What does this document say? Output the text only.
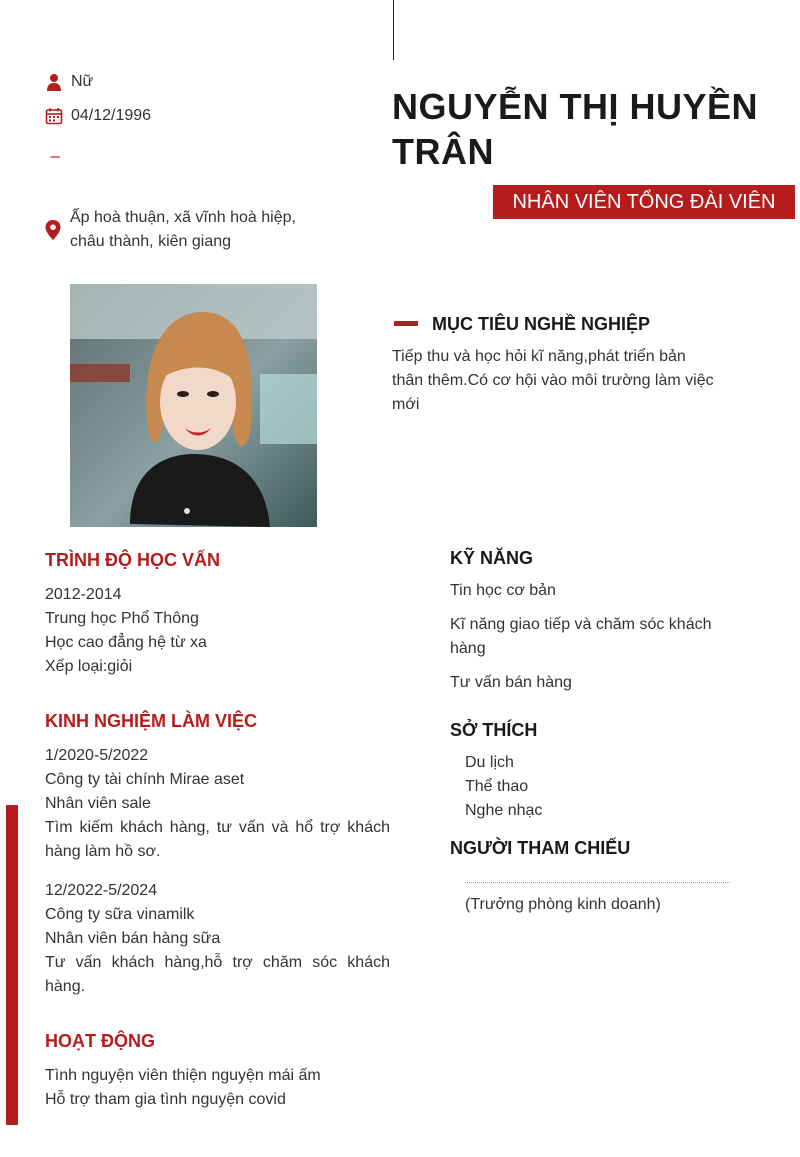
Nữ
04/12/1996
Ấp hoà thuận, xã vĩnh hoà hiệp,
châu thành, kiên giang
NGUYỄN THỊ HUYỀN
TRÂN
NHÂN VIÊN TỔNG ĐÀI VIÊN
MỤC TIÊU NGHỀ NGHIỆP
Tiếp thu và học hỏi kĩ năng,phát triển bản
thân thêm.Có cơ hội vào môi trường làm việc
mới
TRÌNH ĐỘ HỌC VẤN
2012-2014
Trung học Phổ Thông
Học cao đẳng hệ từ xa
Xếp loại:giỏi
KINH NGHIỆM LÀM VIỆC
1/2020-5/2022
Công ty tài chính Mirae aset
Nhân viên sale
Tìm kiếm khách hàng, tư vấn và hổ trợ khách hàng làm hồ sơ.
12/2022-5/2024
Công ty sữa vinamilk
Nhân viên bán hàng sữa
Tư vấn khách hàng,hỗ trợ chăm sóc khách hàng.
HOẠT ĐỘNG
Tình nguyện viên thiện nguyện mái ấm
Hỗ trợ tham gia tình nguyện covid
KỸ NĂNG
Tin học cơ bản
Kĩ năng giao tiếp và chăm sóc khách hàng
Tư vấn bán hàng
SỞ THÍCH
Du lịch
Thể thao
Nghe nhạc
NGƯỜI THAM CHIẾU
(Trưởng phòng kinh doanh)
